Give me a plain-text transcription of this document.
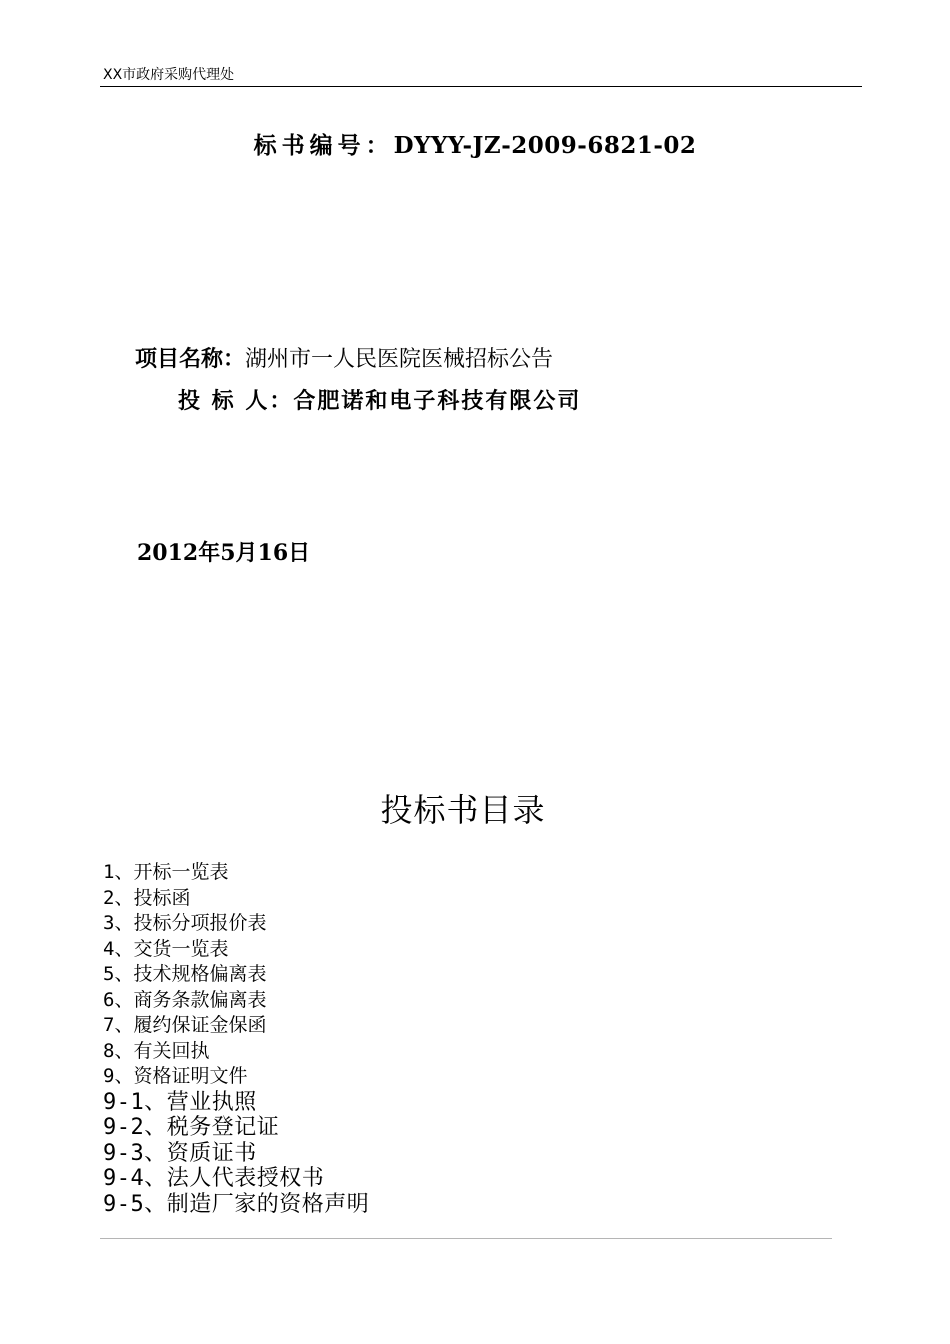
XX市政府采购代理处
标书编号：DYYY-JZ-2009-6821-02
项目名称：湖州市一人民医院医械招标公告
投 标 人：合肥诺和电子科技有限公司
2012年5月16日
投标书目录
1、开标一览表
2、投标函
3、投标分项报价表
4、交货一览表
5、技术规格偏离表
6、商务条款偏离表
7、履约保证金保函
8、有关回执
9、资格证明文件
9-1、营业执照
9-2、税务登记证
9-3、资质证书
9-4、法人代表授权书
9-5、制造厂家的资格声明
